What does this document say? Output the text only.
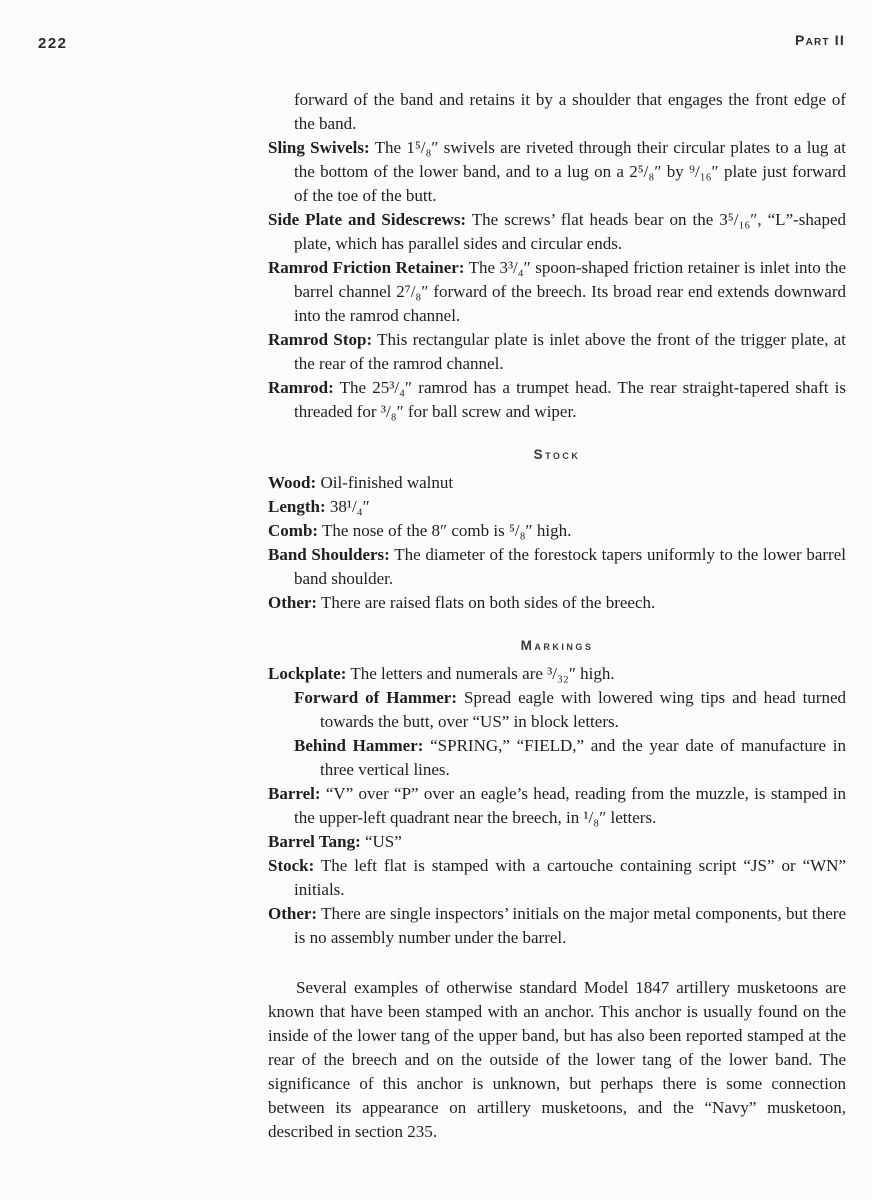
222	Part II

forward of the band and retains it by a shoulder that engages the front edge of the band.

Sling Swivels: The 1⁵/₈″ swivels are riveted through their circular plates to a lug at the bottom of the lower band, and to a lug on a 2⁵/₈″ by ⁹/₁₆″ plate just forward of the toe of the butt.

Side Plate and Sidescrews: The screws’ flat heads bear on the 3⁵/₁₆″, “L”-shaped plate, which has parallel sides and circular ends.

Ramrod Friction Retainer: The 3³/₄″ spoon-shaped friction retainer is inlet into the barrel channel 2⁷/₈″ forward of the breech. Its broad rear end extends downward into the ramrod channel.

Ramrod Stop: This rectangular plate is inlet above the front of the trigger plate, at the rear of the ramrod channel.

Ramrod: The 25³/₄″ ramrod has a trumpet head. The rear straight-tapered shaft is threaded for ³/₈″ for ball screw and wiper.

Stock

Wood: Oil-finished walnut

Length: 38¹/₄″

Comb: The nose of the 8″ comb is ⁵/₈″ high.

Band Shoulders: The diameter of the forestock tapers uniformly to the lower barrel band shoulder.

Other: There are raised flats on both sides of the breech.

Markings

Lockplate: The letters and numerals are ³/₃₂″ high.

Forward of Hammer: Spread eagle with lowered wing tips and head turned towards the butt, over “US” in block letters.

Behind Hammer: “SPRING,” “FIELD,” and the year date of manufacture in three vertical lines.

Barrel: “V” over “P” over an eagle’s head, reading from the muzzle, is stamped in the upper-left quadrant near the breech, in ¹/₈″ letters.

Barrel Tang: “US”

Stock: The left flat is stamped with a cartouche containing script “JS” or “WN” initials.

Other: There are single inspectors’ initials on the major metal components, but there is no assembly number under the barrel.

Several examples of otherwise standard Model 1847 artillery musketoons are known that have been stamped with an anchor. This anchor is usually found on the inside of the lower tang of the upper band, but has also been reported stamped at the rear of the breech and on the outside of the lower tang of the lower band. The significance of this anchor is unknown, but perhaps there is some connection between its appearance on artillery musketoons, and the “Navy” musketoon, described in section 235.
